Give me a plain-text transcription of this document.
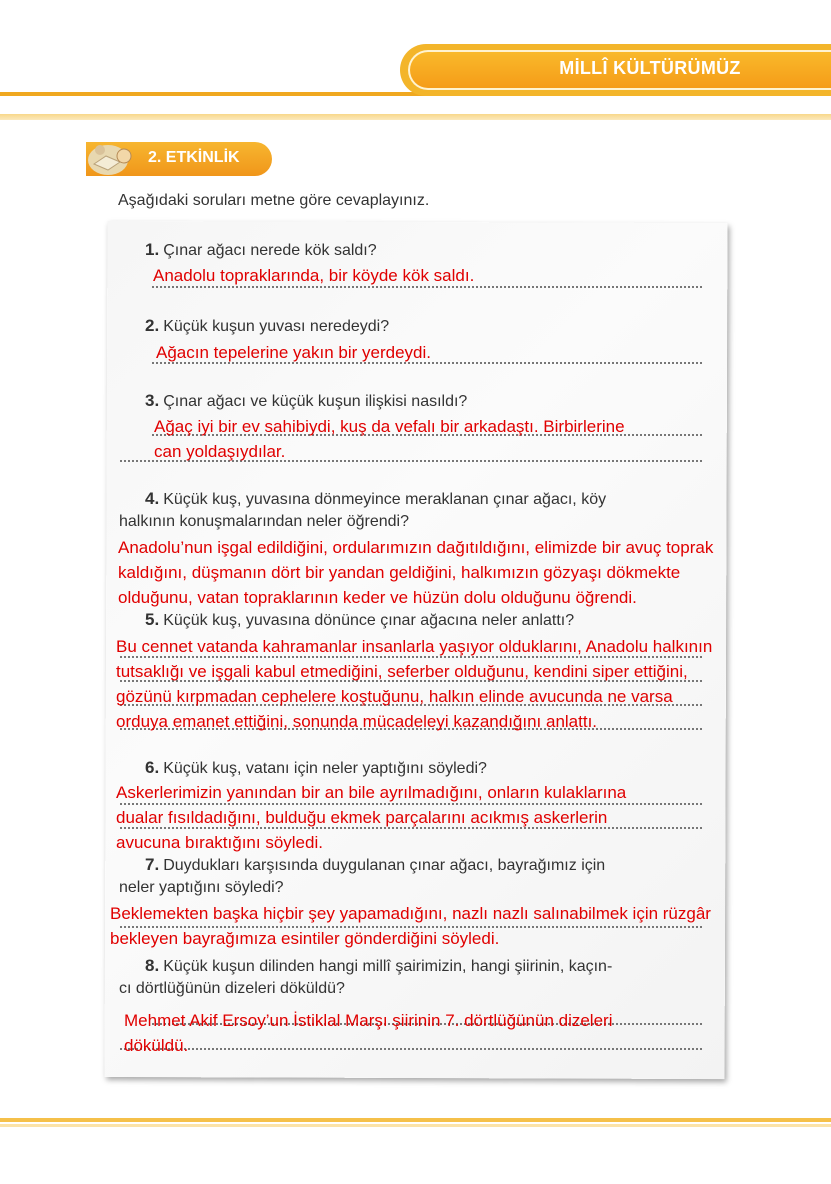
MİLLÎ KÜLTÜRÜMÜZ
2. ETKİNLİK
Aşağıdaki soruları metne göre cevaplayınız.
1. Çınar ağacı nerede kök saldı?
Anadolu topraklarında, bir köyde kök saldı.
2. Küçük kuşun yuvası neredeydi?
Ağacın tepelerine yakın bir yerdeydi.
3. Çınar ağacı ve küçük kuşun ilişkisi nasıldı?
Ağaç iyi bir ev sahibiydi, kuş da vefalı bir arkadaştı. Birbirlerine
can yoldaşıydılar.
4. Küçük kuş, yuvasına dönmeyince meraklanan çınar ağacı, köy
halkının konuşmalarından neler öğrendi?
Anadolu’nun işgal edildiğini, ordularımızın dağıtıldığını, elimizde bir avuç toprak
kaldığını, düşmanın dört bir yandan geldiğini, halkımızın gözyaşı dökmekte
olduğunu, vatan topraklarının keder ve hüzün dolu olduğunu öğrendi.
5. Küçük kuş, yuvasına dönünce çınar ağacına neler anlattı?
Bu cennet vatanda kahramanlar insanlarla yaşıyor olduklarını, Anadolu halkının
tutsaklığı ve işgali kabul etmediğini, seferber olduğunu, kendini siper ettiğini,
gözünü kırpmadan cephelere koştuğunu, halkın elinde avucunda ne varsa
orduya emanet ettiğini, sonunda mücadeleyi kazandığını anlattı.
6. Küçük kuş, vatanı için neler yaptığını söyledi?
Askerlerimizin yanından bir an bile ayrılmadığını, onların kulaklarına
dualar fısıldadığını, bulduğu ekmek parçalarını acıkmış askerlerin
avucuna bıraktığını söyledi.
7. Duydukları karşısında duygulanan çınar ağacı, bayrağımız için
neler yaptığını söyledi?
Beklemekten başka hiçbir şey yapamadığını, nazlı nazlı salınabilmek için rüzgâr
bekleyen bayrağımıza esintiler gönderdiğini söyledi.
8. Küçük kuşun dilinden hangi millî şairimizin, hangi şiirinin, kaçın-
cı dörtlüğünün dizeleri döküldü?
Mehmet Akif Ersoy’un İstiklal Marşı şiirinin 7. dörtlüğünün dizeleri
döküldü.
